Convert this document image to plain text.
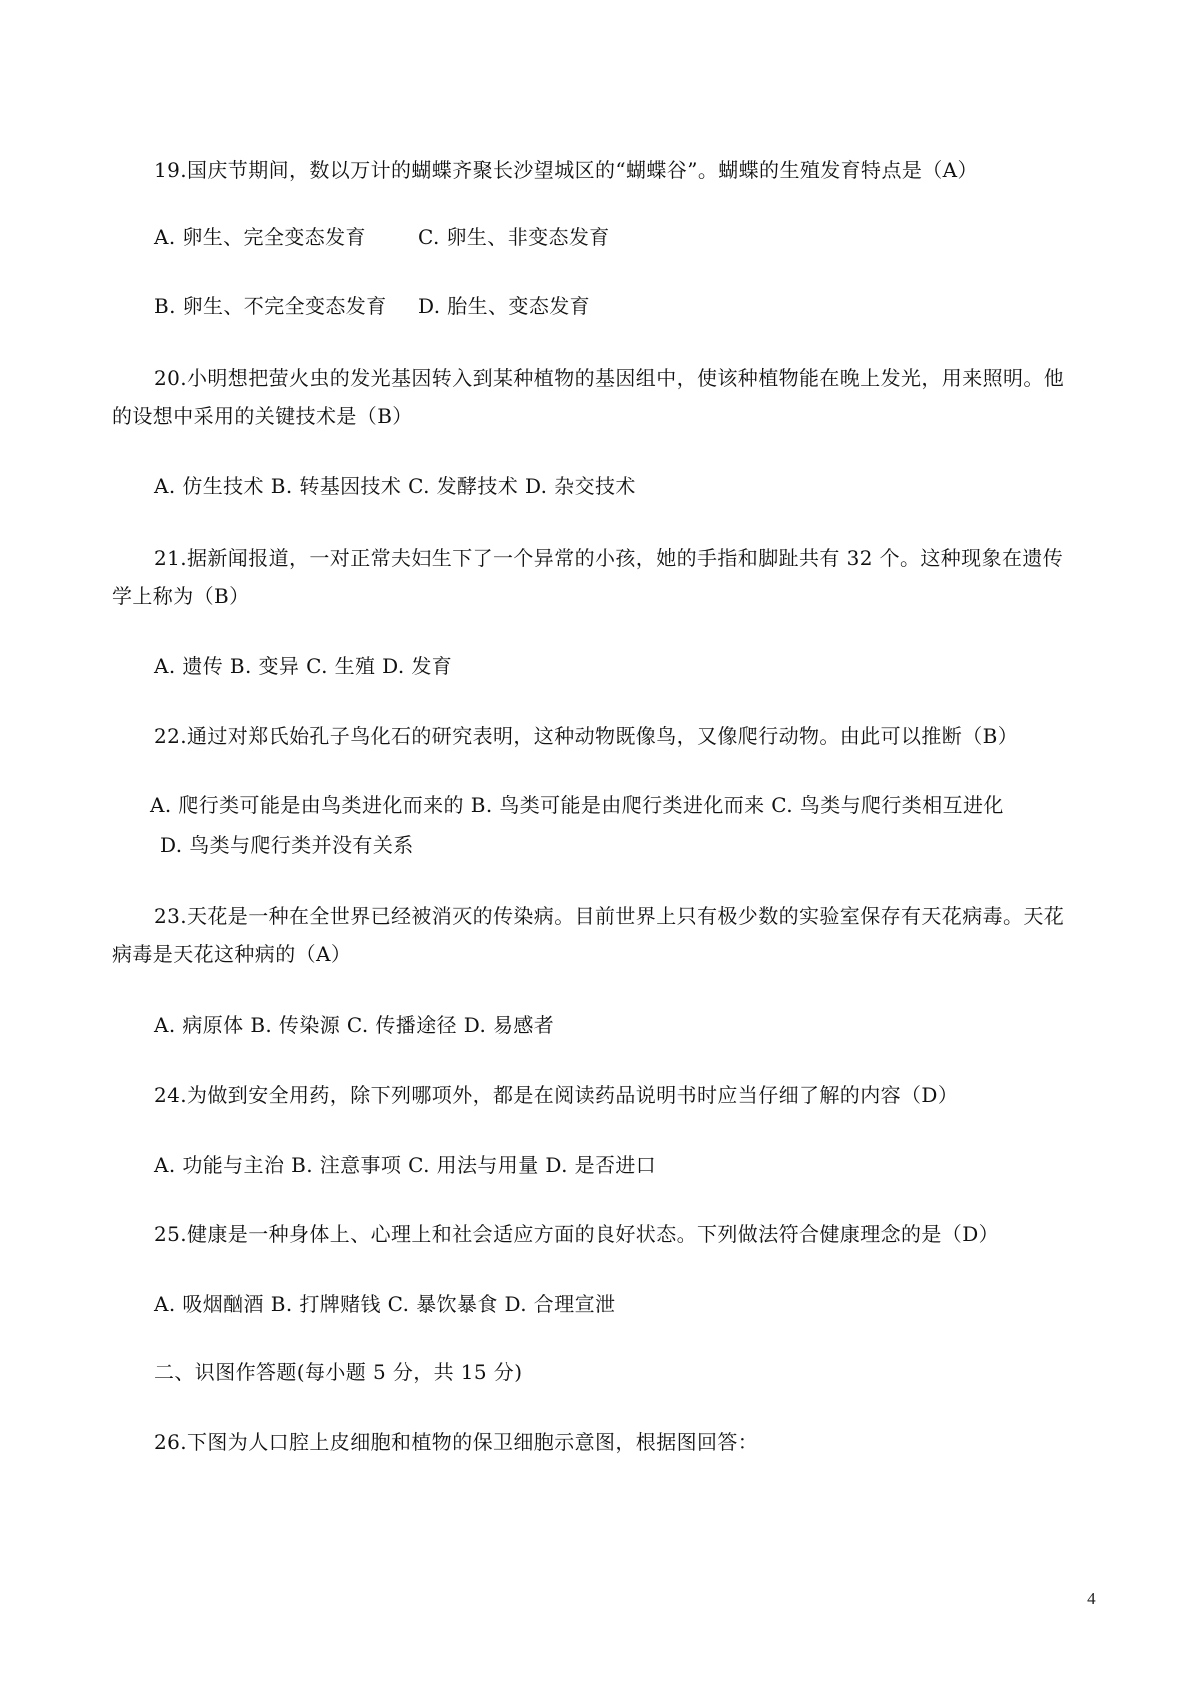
19.国庆节期间，数以万计的蝴蝶齐聚长沙望城区的“蝴蝶谷”。蝴蝶的生殖发育特点是（A）
A. 卵生、完全变态发育	C. 卵生、非变态发育
B. 卵生、不完全变态发育 D. 胎生、变态发育
20.小明想把萤火虫的发光基因转入到某种植物的基因组中，使该种植物能在晚上发光，用来照明。他
的设想中采用的关键技术是（B）
A. 仿生技术 B. 转基因技术 C. 发酵技术 D. 杂交技术
21.据新闻报道，一对正常夫妇生下了一个异常的小孩，她的手指和脚趾共有 32 个。这种现象在遗传
学上称为（B）
A. 遗传 B. 变异 C. 生殖 D. 发育
22.通过对郑氏始孔子鸟化石的研究表明，这种动物既像鸟，又像爬行动物。由此可以推断（B）
A. 爬行类可能是由鸟类进化而来的 B. 鸟类可能是由爬行类进化而来 C. 鸟类与爬行类相互进化
D. 鸟类与爬行类并没有关系
23.天花是一种在全世界已经被消灭的传染病。目前世界上只有极少数的实验室保存有天花病毒。天花
病毒是天花这种病的（A）
A. 病原体 B. 传染源 C. 传播途径 D. 易感者
24.为做到安全用药，除下列哪项外，都是在阅读药品说明书时应当仔细了解的内容（D）
A. 功能与主治 B. 注意事项 C. 用法与用量 D. 是否进口
25.健康是一种身体上、心理上和社会适应方面的良好状态。下列做法符合健康理念的是（D）
A. 吸烟酗酒 B. 打牌赌钱 C. 暴饮暴食 D. 合理宣泄
二、识图作答题(每小题 5 分，共 15 分)
26.下图为人口腔上皮细胞和植物的保卫细胞示意图，根据图回答：
4
